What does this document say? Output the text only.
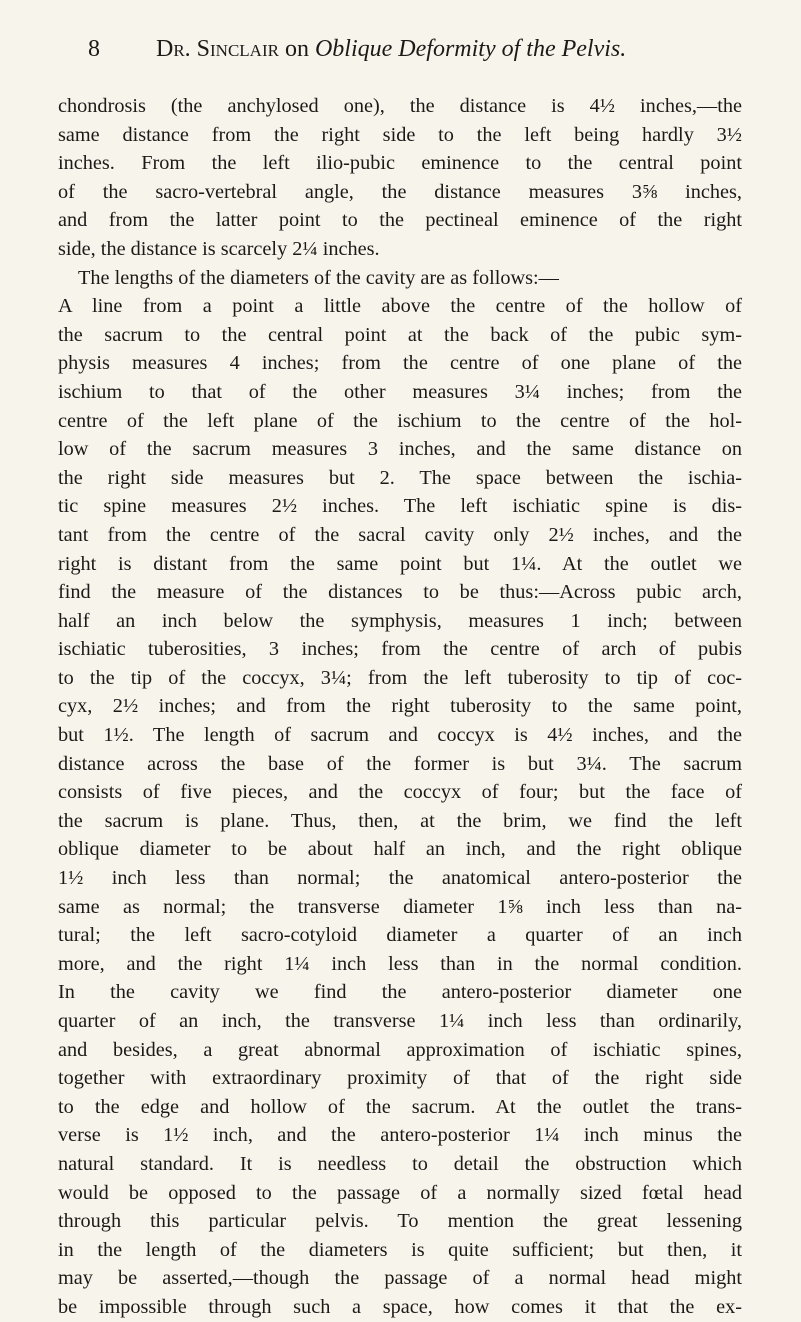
8 Dr. Sinclair on Oblique Deformity of the Pelvis.
chondrosis (the anchylosed one), the distance is 4½ inches,—the
same distance from the right side to the left being hardly 3½
inches. From the left ilio-pubic eminence to the central point
of the sacro-vertebral angle, the distance measures 3⅝ inches,
and from the latter point to the pectineal eminence of the right
side, the distance is scarcely 2¼ inches.
The lengths of the diameters of the cavity are as follows:—
A line from a point a little above the centre of the hollow of
the sacrum to the central point at the back of the pubic sym-
physis measures 4 inches; from the centre of one plane of the
ischium to that of the other measures 3¼ inches; from the
centre of the left plane of the ischium to the centre of the hol-
low of the sacrum measures 3 inches, and the same distance on
the right side measures but 2. The space between the ischia-
tic spine measures 2½ inches. The left ischiatic spine is dis-
tant from the centre of the sacral cavity only 2½ inches, and the
right is distant from the same point but 1¼. At the outlet we
find the measure of the distances to be thus:—Across pubic arch,
half an inch below the symphysis, measures 1 inch; between
ischiatic tuberosities, 3 inches; from the centre of arch of pubis
to the tip of the coccyx, 3¼; from the left tuberosity to tip of coc-
cyx, 2½ inches; and from the right tuberosity to the same point,
but 1½. The length of sacrum and coccyx is 4½ inches, and the
distance across the base of the former is but 3¼. The sacrum
consists of five pieces, and the coccyx of four; but the face of
the sacrum is plane. Thus, then, at the brim, we find the left
oblique diameter to be about half an inch, and the right oblique
1½ inch less than normal; the anatomical antero-posterior the
same as normal; the transverse diameter 1⅝ inch less than na-
tural; the left sacro-cotyloid diameter a quarter of an inch
more, and the right 1¼ inch less than in the normal condition.
In the cavity we find the antero-posterior diameter one
quarter of an inch, the transverse 1¼ inch less than ordinarily,
and besides, a great abnormal approximation of ischiatic spines,
together with extraordinary proximity of that of the right side
to the edge and hollow of the sacrum. At the outlet the trans-
verse is 1½ inch, and the antero-posterior 1¼ inch minus the
natural standard. It is needless to detail the obstruction which
would be opposed to the passage of a normally sized fœtal head
through this particular pelvis. To mention the great lessening
in the length of the diameters is quite sufficient; but then, it
may be asserted,—though the passage of a normal head might
be impossible through such a space, how comes it that the ex-
